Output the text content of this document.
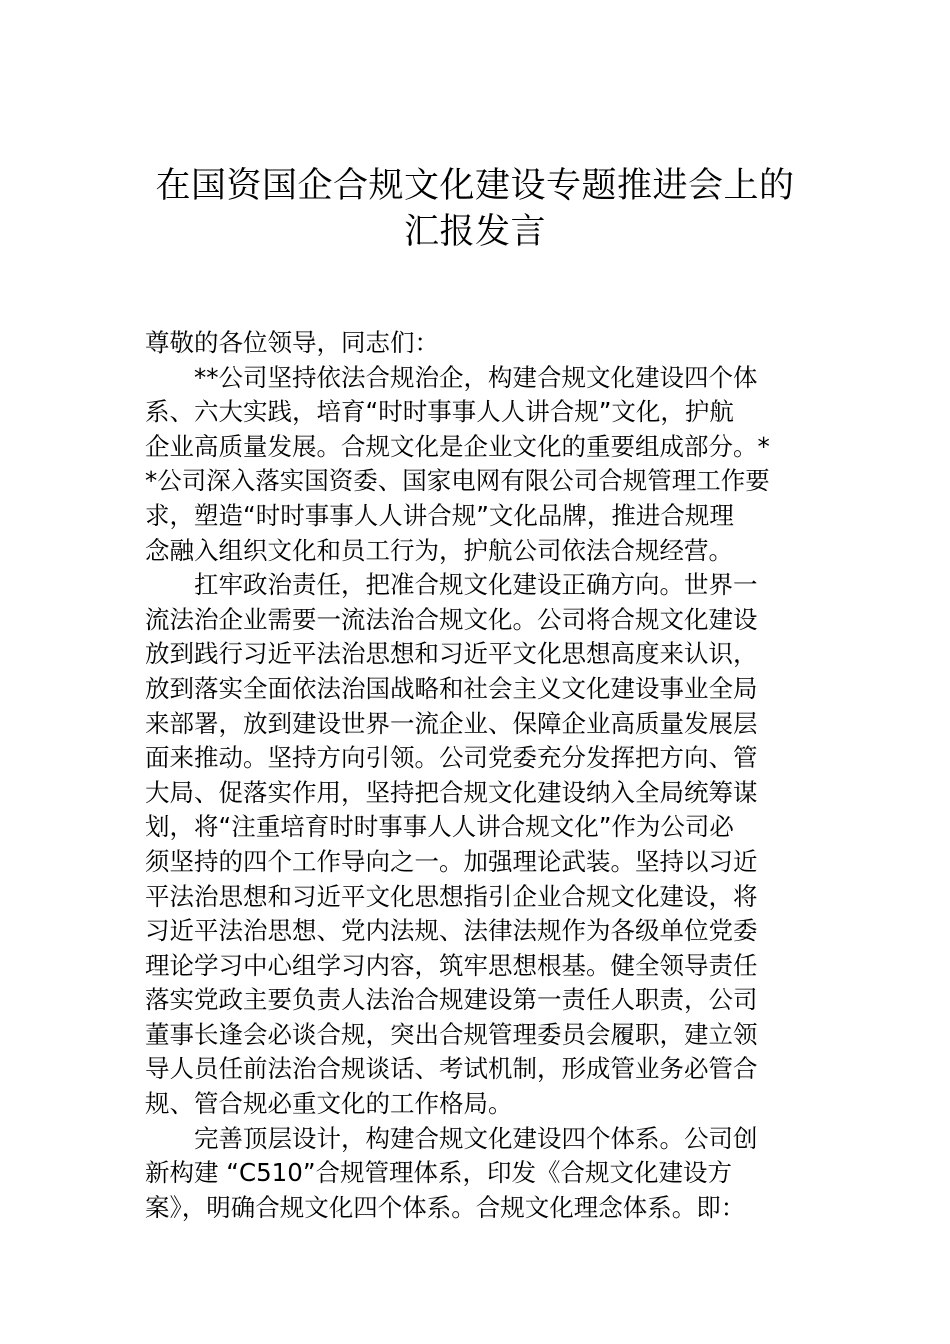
在国资国企合规文化建设专题推进会上的
汇报发言
尊敬的各位领导，同志们：
**公司坚持依法合规治企，构建合规文化建设四个体
系、六大实践，培育“时时事事人人讲合规”文化，护航
企业高质量发展。合规文化是企业文化的重要组成部分。*
*公司深入落实国资委、国家电网有限公司合规管理工作要
求，塑造“时时事事人人讲合规”文化品牌，推进合规理
念融入组织文化和员工行为，护航公司依法合规经营。
扛牢政治责任，把准合规文化建设正确方向。世界一
流法治企业需要一流法治合规文化。公司将合规文化建设
放到践行习近平法治思想和习近平文化思想高度来认识，
放到落实全面依法治国战略和社会主义文化建设事业全局
来部署，放到建设世界一流企业、保障企业高质量发展层
面来推动。坚持方向引领。公司党委充分发挥把方向、管
大局、促落实作用，坚持把合规文化建设纳入全局统筹谋
划，将“注重培育时时事事人人讲合规文化”作为公司必
须坚持的四个工作导向之一。加强理论武装。坚持以习近
平法治思想和习近平文化思想指引企业合规文化建设，将
习近平法治思想、党内法规、法律法规作为各级单位党委
理论学习中心组学习内容，筑牢思想根基。健全领导责任
落实党政主要负责人法治合规建设第一责任人职责，公司
董事长逢会必谈合规，突出合规管理委员会履职，建立领
导人员任前法治合规谈话、考试机制，形成管业务必管合
规、管合规必重文化的工作格局。
完善顶层设计，构建合规文化建设四个体系。公司创
新构建 “C510”合规管理体系，印发《合规文化建设方
案》，明确合规文化四个体系。合规文化理念体系。即：
